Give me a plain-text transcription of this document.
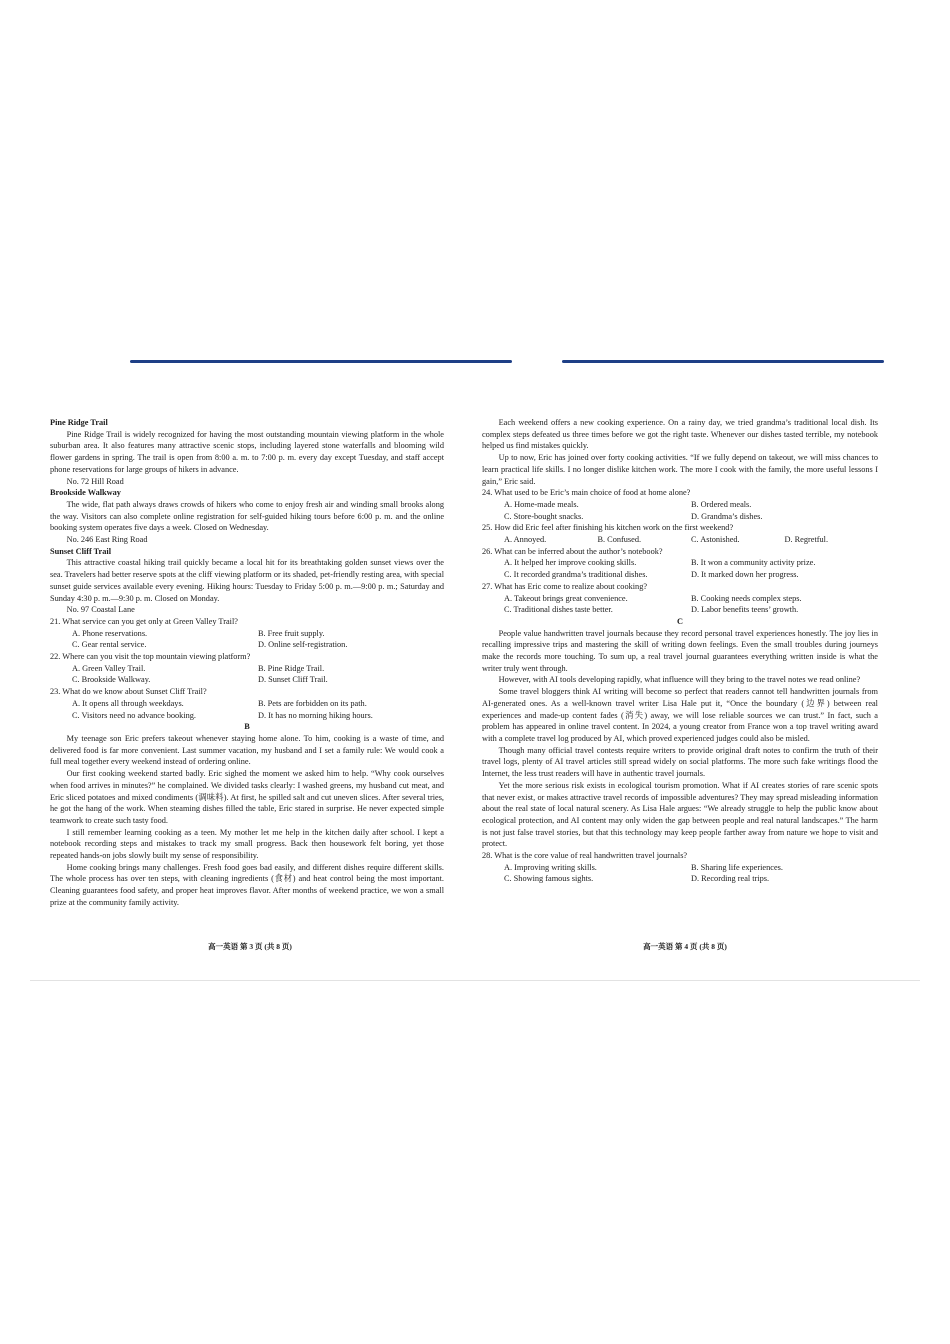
Pine Ridge Trail

Pine Ridge Trail is widely recognized for having the most outstanding mountain viewing platform in the whole suburban area. It also features many attractive scenic stops, including layered stone waterfalls and blooming wild flower gardens in spring. The trail is open from 8:00 a. m. to 7:00 p. m. every day except Tuesday, and staff accept phone reservations for large groups of hikers in advance.

No. 72 Hill Road

Brookside Walkway

The wide, flat path always draws crowds of hikers who come to enjoy fresh air and winding small brooks along the way. Visitors can also complete online registration for self-guided hiking tours before 6:00 p. m. and the online booking system operates five days a week. Closed on Wednesday.

No. 246 East Ring Road

Sunset Cliff Trail

This attractive coastal hiking trail quickly became a local hit for its breathtaking golden sunset views over the sea. Travelers had better reserve spots at the cliff viewing platform or its shaded, pet-friendly resting area, with special sunset guide services available every evening. Hiking hours: Tuesday to Friday 5:00 p. m.—9:00 p. m.; Saturday and Sunday 4:30 p. m.—9:30 p. m. Closed on Monday.

No. 97 Coastal Lane

21. What service can you get only at Green Valley Trail?
A. Phone reservations.	B. Free fruit supply.
C. Gear rental service.	D. Online self-registration.
22. Where can you visit the top mountain viewing platform?
A. Green Valley Trail.	B. Pine Ridge Trail.
C. Brookside Walkway.	D. Sunset Cliff Trail.
23. What do we know about Sunset Cliff Trail?
A. It opens all through weekdays.	B. Pets are forbidden on its path.
C. Visitors need no advance booking.	D. It has no morning hiking hours.
B

My teenage son Eric prefers takeout whenever staying home alone. To him, cooking is a waste of time, and delivered food is far more convenient. Last summer vacation, my husband and I set a family rule: We would cook a full meal together every weekend instead of ordering online.

Our first cooking weekend started badly. Eric sighed the moment we asked him to help. “Why cook ourselves when food arrives in minutes?” he complained. We divided tasks clearly: I washed greens, my husband cut meat, and Eric sliced potatoes and mixed condiments (调味料). At first, he spilled salt and cut uneven slices. After several tries, he got the hang of the work. When steaming dishes filled the table, Eric stared in surprise. He never expected simple teamwork to create such tasty food.

I still remember learning cooking as a teen. My mother let me help in the kitchen daily after school. I kept a notebook recording steps and mistakes to track my small progress. Back then housework felt boring, yet those repeated hands-on jobs slowly built my sense of responsibility.

Home cooking brings many challenges. Fresh food goes bad easily, and different dishes require different skills. The whole process has over ten steps, with cleaning ingredients (食材) and heat control being the most important. Cleaning guarantees food safety, and proper heat improves flavor. After months of weekend practice, we won a small prize at the community family activity.

Each weekend offers a new cooking experience. On a rainy day, we tried grandma’s traditional local dish. Its complex steps defeated us three times before we got the right taste. Whenever our dishes tasted terrible, my notebook helped us find mistakes quickly.

Up to now, Eric has joined over forty cooking activities. “If we fully depend on takeout, we will miss chances to learn practical life skills. I no longer dislike kitchen work. The more I cook with the family, the more useful lessons I gain,” Eric said.

24. What used to be Eric’s main choice of food at home alone?
A. Home-made meals.	B. Ordered meals.
C. Store-bought snacks.	D. Grandma’s dishes.
25. How did Eric feel after finishing his kitchen work on the first weekend?
A. Annoyed.	B. Confused.	C. Astonished.	D. Regretful.
26. What can be inferred about the author’s notebook?
A. It helped her improve cooking skills.	B. It won a community activity prize.
C. It recorded grandma’s traditional dishes.	D. It marked down her progress.
27. What has Eric come to realize about cooking?
A. Takeout brings great convenience.	B. Cooking needs complex steps.
C. Traditional dishes taste better.	D. Labor benefits teens’ growth.
C

People value handwritten travel journals because they record personal travel experiences honestly. The joy lies in recalling impressive trips and mastering the skill of writing down feelings. Even the small troubles during journeys make the records more touching. To sum up, a real travel journal guarantees everything written inside is what the writer truly went through.

However, with AI tools developing rapidly, what influence will they bring to the travel notes we read online?

Some travel bloggers think AI writing will become so perfect that readers cannot tell handwritten journals from AI-generated ones. As a well-known travel writer Lisa Hale put it, “Once the boundary (边界) between real experiences and made-up content fades (消失) away, we will lose reliable sources we can trust.” In fact, such a problem has appeared in online travel content. In 2024, a young creator from France won a top travel writing award with a complete travel log produced by AI, which proved experienced judges could also be misled.

Though many official travel contests require writers to provide original draft notes to confirm the truth of their travel logs, plenty of AI travel articles still spread widely on social platforms. The more such fake writings flood the Internet, the less trust readers will have in authentic travel journals.

Yet the more serious risk exists in ecological tourism promotion. What if AI creates stories of rare scenic spots that never exist, or makes attractive travel records of impossible adventures? They may spread misleading information about the real state of local natural scenery. As Lisa Hale argues: “We already struggle to help the public know about ecological protection, and AI content may only widen the gap between people and real natural landscapes.” The harm is not just false travel stories, but that this technology may keep people farther away from nature we hope to visit and protect.

28. What is the core value of real handwritten travel journals?
A. Improving writing skills.	B. Sharing life experiences.
C. Showing famous sights.	D. Recording real trips.
高一英语 第 3 页 (共 8 页)	高一英语 第 4 页 (共 8 页)
